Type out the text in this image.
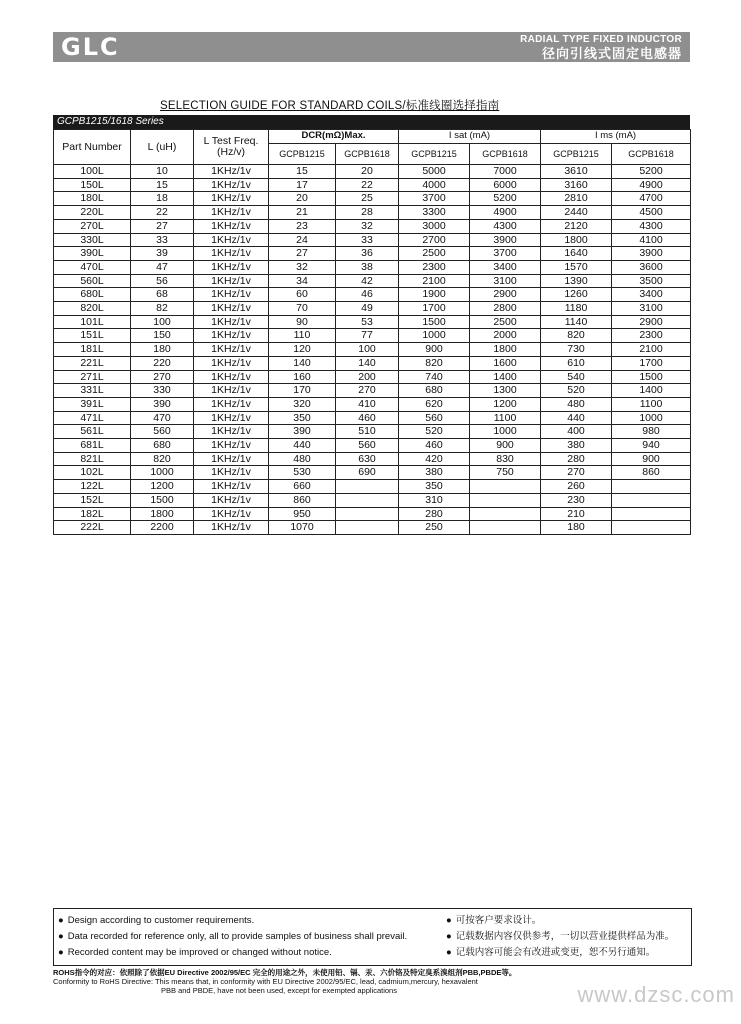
GLC	RADIAL TYPE FIXED INDUCTOR
径向引线式固定电感器
SELECTION GUIDE FOR STANDARD COILS/标准线圈选择指南
GCPB1215/1618 Series
Part Number	L (uH)	L Test Freq. (Hz/v)	DCR(mΩ)Max.		I sat (mA)		I ms (mA)	
			GCPB1215	GCPB1618	GCPB1215	GCPB1618	GCPB1215	GCPB1618
100L	10	1KHz/1v	15	20	5000	7000	3610	5200
150L	15	1KHz/1v	17	22	4000	6000	3160	4900
180L	18	1KHz/1v	20	25	3700	5200	2810	4700
220L	22	1KHz/1v	21	28	3300	4900	2440	4500
270L	27	1KHz/1v	23	32	3000	4300	2120	4300
330L	33	1KHz/1v	24	33	2700	3900	1800	4100
390L	39	1KHz/1v	27	36	2500	3700	1640	3900
470L	47	1KHz/1v	32	38	2300	3400	1570	3600
560L	56	1KHz/1v	34	42	2100	3100	1390	3500
680L	68	1KHz/1v	60	46	1900	2900	1260	3400
820L	82	1KHz/1v	70	49	1700	2800	1180	3100
101L	100	1KHz/1v	90	53	1500	2500	1140	2900
151L	150	1KHz/1v	110	77	1000	2000	820	2300
181L	180	1KHz/1v	120	100	900	1800	730	2100
221L	220	1KHz/1v	140	140	820	1600	610	1700
271L	270	1KHz/1v	160	200	740	1400	540	1500
331L	330	1KHz/1v	170	270	680	1300	520	1400
391L	390	1KHz/1v	320	410	620	1200	480	1100
471L	470	1KHz/1v	350	460	560	1100	440	1000
561L	560	1KHz/1v	390	510	520	1000	400	980
681L	680	1KHz/1v	440	560	460	900	380	940
821L	820	1KHz/1v	480	630	420	830	280	900
102L	1000	1KHz/1v	530	690	380	750	270	860
122L	1200	1KHz/1v	660		350		260	
152L	1500	1KHz/1v	860		310		230	
182L	1800	1KHz/1v	950		280		210	
222L	2200	1KHz/1v	1070		250		180	
● Design according to customer requirements.
● Data recorded for reference only, all to provide samples of business shall prevail.
● Recorded content may be improved or changed without notice.
● 可按客户要求设计。
● 记载数据内容仅供参考，一切以营业提供样品为准。
● 记载内容可能会有改进或变更，恕不另行通知。
ROHS指令的对应：依照除了依据EU Directive 2002/95/EC 完全的用途之外，未使用铅、镉、汞、六价铬及特定臭系溴组剂PBB,PBDE等。
Conformity to RoHS Directive: This means that, in conformity with EU Directive 2002/95/EC, lead, cadmium,mercury, hexavalent
PBB and PBDE, have not been used, except for exempted applications	www.dzsc.com
